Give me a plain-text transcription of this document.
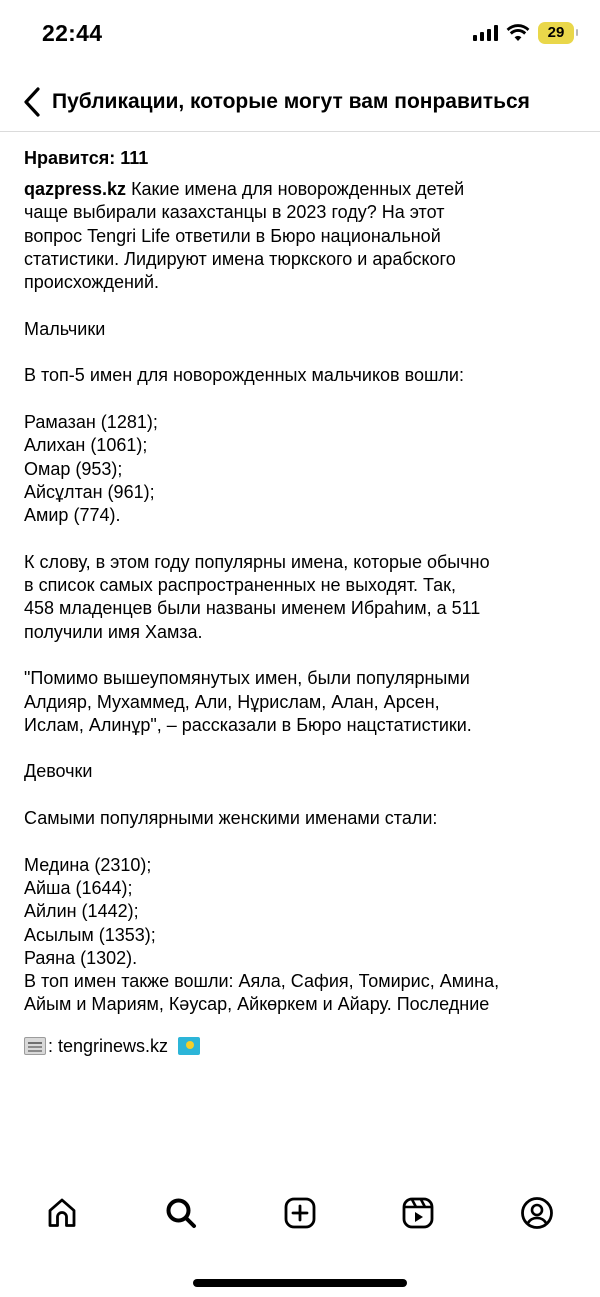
22:44	29
Публикации, которые могут вам понравиться
Нравится: 111
qazpress.kz Какие имена для новорожденных детей
чаще выбирали казахстанцы в 2023 году? На этот
вопрос Tengri Life ответили в Бюро национальной
статистики. Лидируют имена тюркского и арабского
происхождений.
Мальчики
В топ-5 имен для новорожденных мальчиков вошли:
Рамазан (1281);
Алихан (1061);
Омар (953);
Айсұлтан (961);
Амир (774).
К слову, в этом году популярны имена, которые обычно
в список самых распространенных не выходят. Так,
458 младенцев были названы именем Ибраһим, а 511
получили имя Хамза.
"Помимо вышеупомянутых имен, были популярными
Алдияр, Мухаммед, Али, Нұрислам, Алан, Арсен,
Ислам, Алинұр", – рассказали в Бюро нацстатистики.
Девочки
Самыми популярными женскими именами стали:
Медина (2310);
Айша (1644);
Айлин (1442);
Асылым (1353);
Раяна (1302).
В топ имен также вошли: Аяла, Сафия, Томирис, Амина,
Айым и Мариям, Кәусар, Айкөркем и Айару. Последние
: tengrinews.kz
